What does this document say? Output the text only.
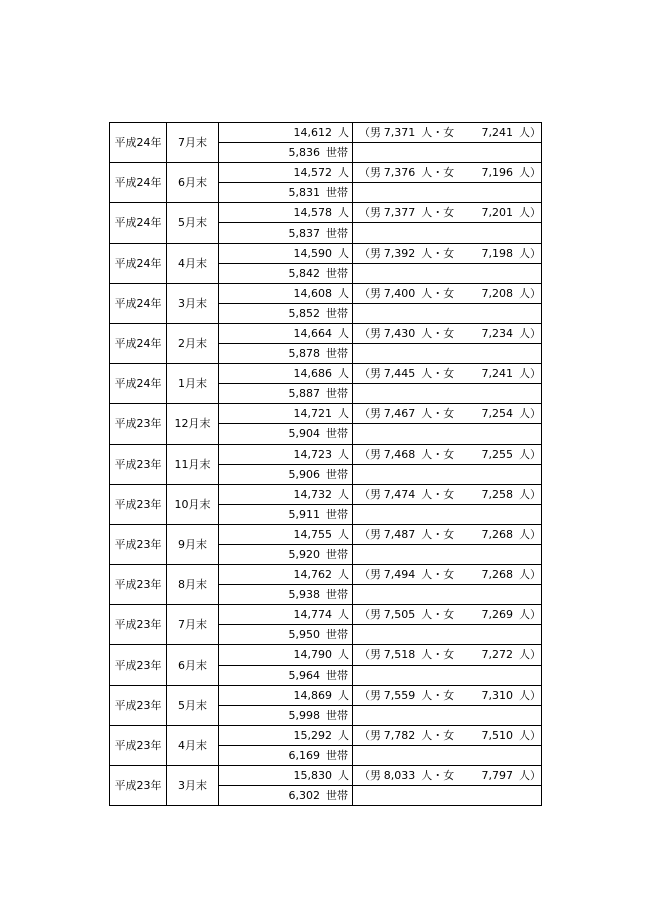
平成24年	7月末	14,612 人	（男 7,371 人・女 7,241 人）

		5,836 世帯	
平成24年	6月末	14,572 人	（男 7,376 人・女 7,196 人）

		5,831 世帯	
平成24年	5月末	14,578 人	（男 7,377 人・女 7,201 人）

		5,837 世帯	
平成24年	4月末	14,590 人	（男 7,392 人・女 7,198 人）

		5,842 世帯	
平成24年	3月末	14,608 人	（男 7,400 人・女 7,208 人）

		5,852 世帯	
平成24年	2月末	14,664 人	（男 7,430 人・女 7,234 人）

		5,878 世帯	
平成24年	1月末	14,686 人	（男 7,445 人・女 7,241 人）

		5,887 世帯	
平成23年	12月末	14,721 人	（男 7,467 人・女 7,254 人）

		5,904 世帯	
平成23年	11月末	14,723 人	（男 7,468 人・女 7,255 人）

		5,906 世帯	
平成23年	10月末	14,732 人	（男 7,474 人・女 7,258 人）

		5,911 世帯	
平成23年	9月末	14,755 人	（男 7,487 人・女 7,268 人）

		5,920 世帯	
平成23年	8月末	14,762 人	（男 7,494 人・女 7,268 人）

		5,938 世帯	
平成23年	7月末	14,774 人	（男 7,505 人・女 7,269 人）

		5,950 世帯	
平成23年	6月末	14,790 人	（男 7,518 人・女 7,272 人）

		5,964 世帯	
平成23年	5月末	14,869 人	（男 7,559 人・女 7,310 人）

		5,998 世帯	
平成23年	4月末	15,292 人	（男 7,782 人・女 7,510 人）

		6,169 世帯	
平成23年	3月末	15,830 人	（男 8,033 人・女 7,797 人）

		6,302 世帯	
